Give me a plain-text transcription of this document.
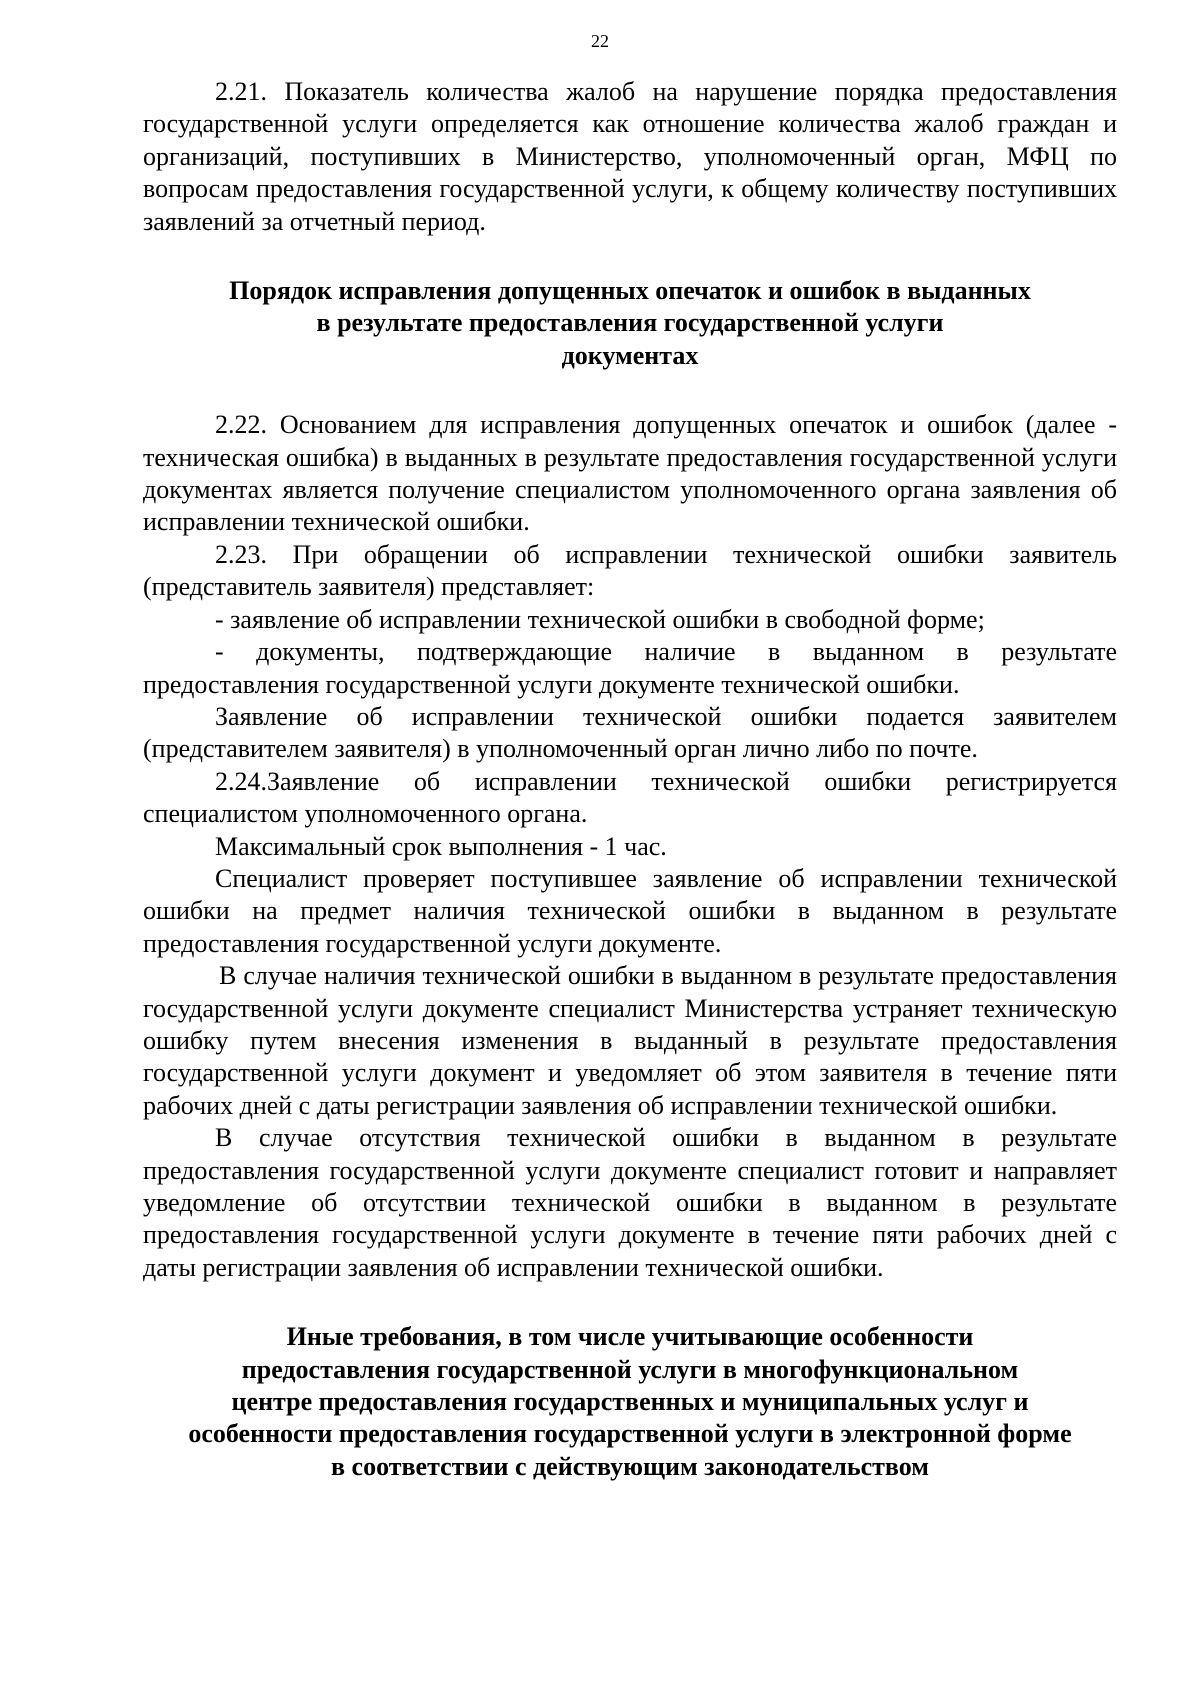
22

2.21. Показатель количества жалоб на нарушение порядка предоставления государственной услуги определяется как отношение количества жалоб граждан и организаций, поступивших в Министерство, уполномоченный орган, МФЦ по вопросам предоставления государственной услуги, к общему количеству поступивших заявлений за отчетный период.

Порядок исправления допущенных опечаток и ошибок в выданных
в результате предоставления государственной услуги
документах

2.22. Основанием для исправления допущенных опечаток и ошибок (далее - техническая ошибка) в выданных в результате предоставления государственной услуги документах является получение специалистом уполномоченного органа заявления об исправлении технической ошибки.

2.23. При обращении об исправлении технической ошибки заявитель (представитель заявителя) представляет:

- заявление об исправлении технической ошибки в свободной форме;

- документы, подтверждающие наличие в выданном в результате предоставления государственной услуги документе технической ошибки.

Заявление об исправлении технической ошибки подается заявителем (представителем заявителя) в уполномоченный орган лично либо по почте.

2.24.Заявление об исправлении технической ошибки регистрируется специалистом уполномоченного органа.

Максимальный срок выполнения - 1 час.

Специалист проверяет поступившее заявление об исправлении технической ошибки на предмет наличия технической ошибки в выданном в результате предоставления государственной услуги документе.

В случае наличия технической ошибки в выданном в результате предоставления государственной услуги документе специалист Министерства устраняет техническую ошибку путем внесения изменения в выданный в результате предоставления государственной услуги документ и уведомляет об этом заявителя в течение пяти рабочих дней с даты регистрации заявления об исправлении технической ошибки.

В случае отсутствия технической ошибки в выданном в результате предоставления государственной услуги документе специалист готовит и направляет уведомление об отсутствии технической ошибки в выданном в результате предоставления государственной услуги документе в течение пяти рабочих дней с даты регистрации заявления об исправлении технической ошибки.

Иные требования, в том числе учитывающие особенности
предоставления государственной услуги в многофункциональном
центре предоставления государственных и муниципальных услуг и
особенности предоставления государственной услуги в электронной форме
в соответствии с действующим законодательством
